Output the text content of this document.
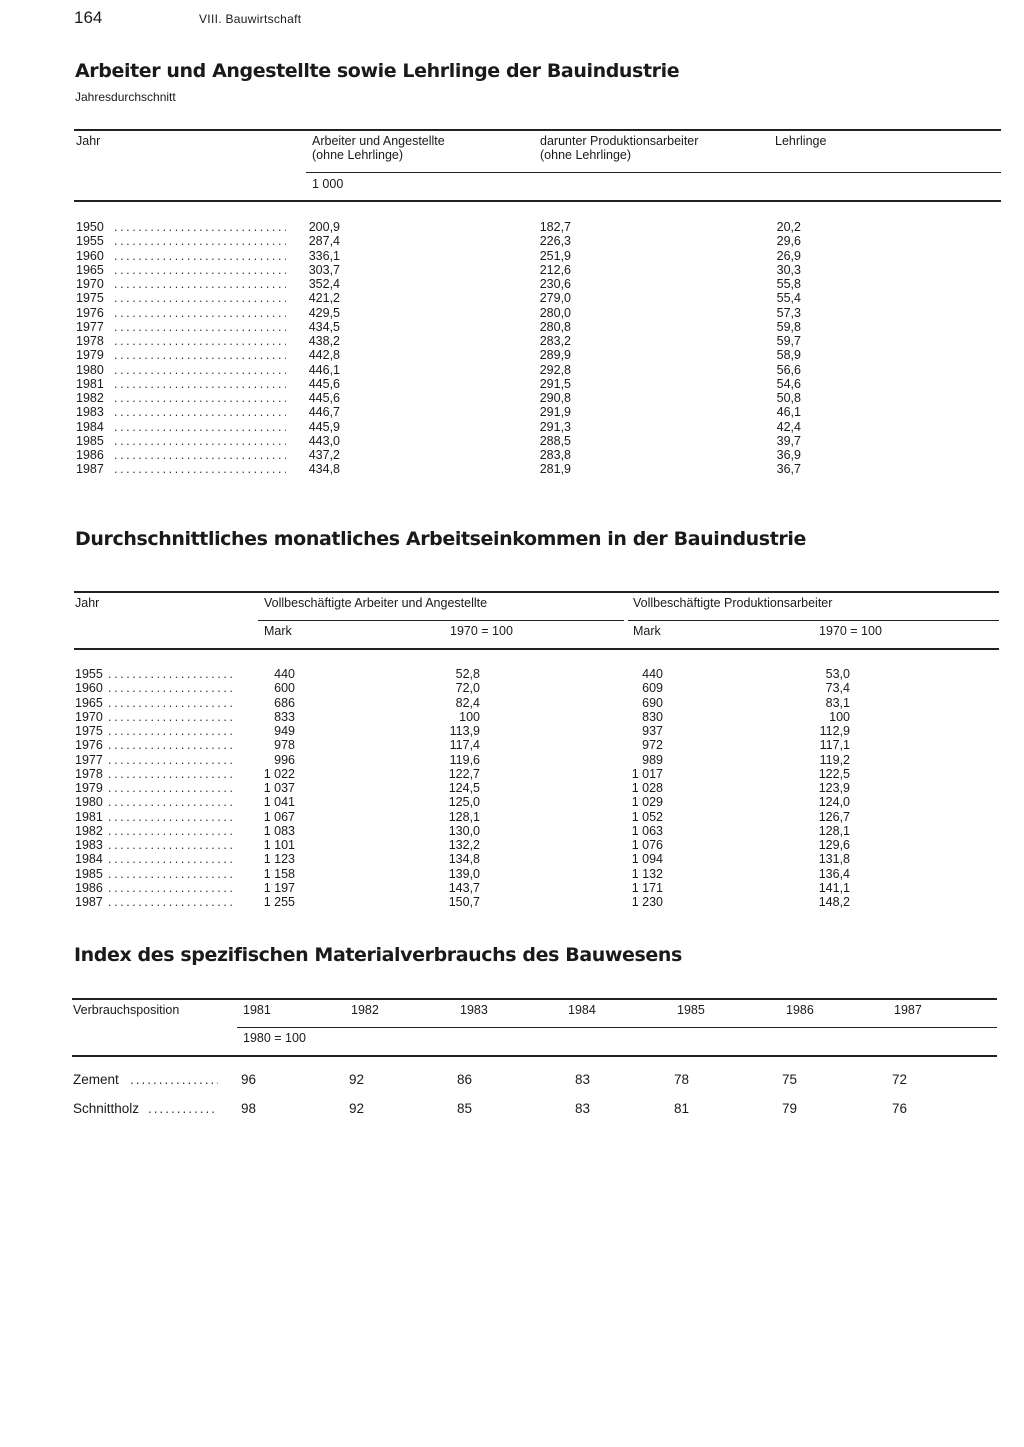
164	VIII. Bauwirtschaft
Arbeiter und Angestellte sowie Lehrlinge der Bauindustrie
Jahresdurchschnitt
Jahr	Arbeiter und Angestellte
(ohne Lehrlinge)
darunter Produktionsarbeiter
(ohne Lehrlinge)
Lehrlinge
1 000
1950 .....	200,9	182,7	20,2
1955 .....	287,4	226,3	29,6
1960 .....	336,1	251,9	26,9
1965 .....	303,7	212,6	30,3
1970 .....	352,4	230,6	55,8
1975 .....	421,2	279,0	55,4
1976 .....	429,5	280,0	57,3
1977 .....	434,5	280,8	59,8
1978 .....	438,2	283,2	59,7
1979 .....	442,8	289,9	58,9
1980 .....	446,1	292,8	56,6
1981 .....	445,6	291,5	54,6
1982 .....	445,6	290,8	50,8
1983 .....	446,7	291,9	46,1
1984 .....	445,9	291,3	42,4
1985 .....	443,0	288,5	39,7
1986 .....	437,2	283,8	36,9
1987 .....	434,8	281,9	36,7
Durchschnittliches monatliches Arbeitseinkommen in der Bauindustrie
Jahr	Vollbeschäftigte Arbeiter und Angestellte	Vollbeschäftigte Produktionsarbeiter
Mark	1970 = 100	Mark	1970 = 100
1955 .....	440	52,8	440	53,0
1960 .....	600	72,0	609	73,4
1965 .....	686	82,4	690	83,1
1970 .....	833	100	830	100
1975 .....	949	113,9	937	112,9
1976 .....	978	117,4	972	117,1
1977 .....	996	119,6	989	119,2
1978 .....	1 022	122,7	1 017	122,5
1979 .....	1 037	124,5	1 028	123,9
1980 .....	1 041	125,0	1 029	124,0
1981 .....	1 067	128,1	1 052	126,7
1982 .....	1 083	130,0	1 063	128,1
1983 .....	1 101	132,2	1 076	129,6
1984 .....	1 123	134,8	1 094	131,8
1985 .....	1 158	139,0	1 132	136,4
1986 .....	1 197	143,7	1 171	141,1
1987 .....	1 255	150,7	1 230	148,2
Index des spezifischen Materialverbrauchs des Bauwesens
Verbrauchsposition	1981	1982	1983	1984	1985	1986	1987
1980 = 100
Zement .....	96	92	86	83	78	75	72
Schnittholz .....	98	92	85	83	81	79	76
